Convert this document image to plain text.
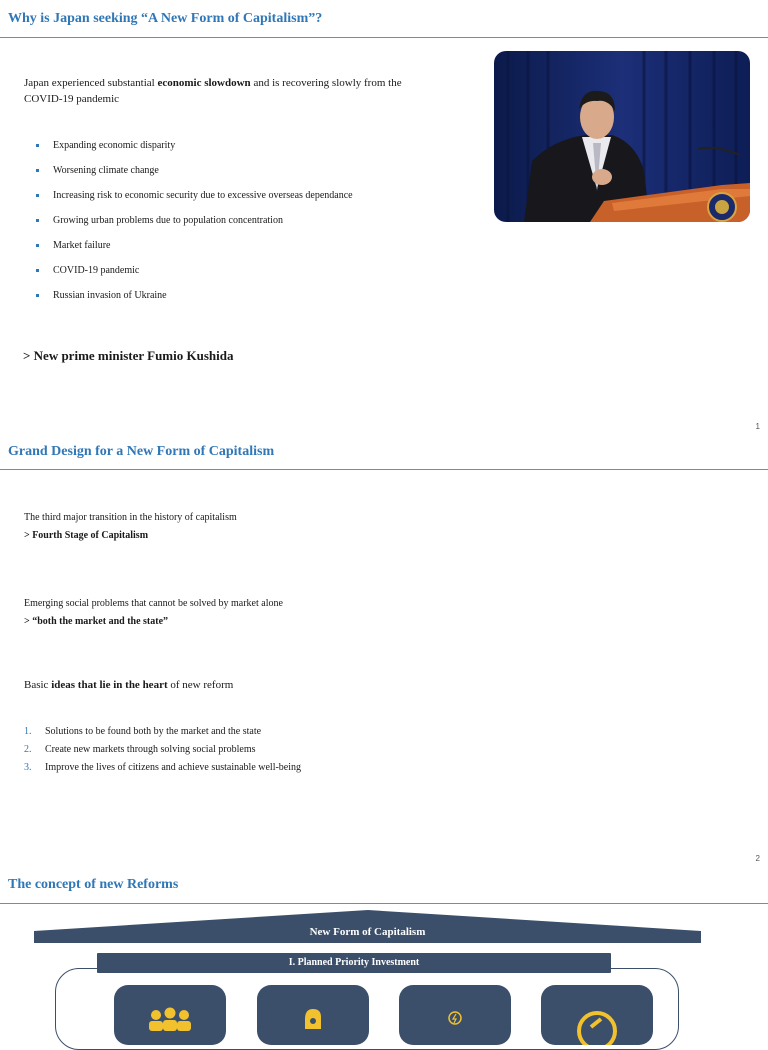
Why is Japan seeking “A New Form of Capitalism”?
Japan experienced substantial economic slowdown and is recovering slowly from the
COVID-19 pandemic
Expanding economic disparity
Worsening climate change
Increasing risk to economic security due to excessive overseas dependance
Growing urban problems due to population concentration
Market failure
COVID-19 pandemic
Russian invasion of Ukraine
> New prime minister Fumio Kushida
1
Grand Design for a New Form of Capitalism
The third major transition in the history of capitalism
> Fourth Stage of Capitalism
Emerging social problems that cannot be solved by market alone
> “both the market and the state”
Basic ideas that lie in the heart of new reform
1. Solutions to be found both by the market and the state
2. Create new markets through solving social problems
3. Improve the lives of citizens and achieve sustainable well-being
2
The concept of new Reforms
New Form of Capitalism
I. Planned Priority Investment
